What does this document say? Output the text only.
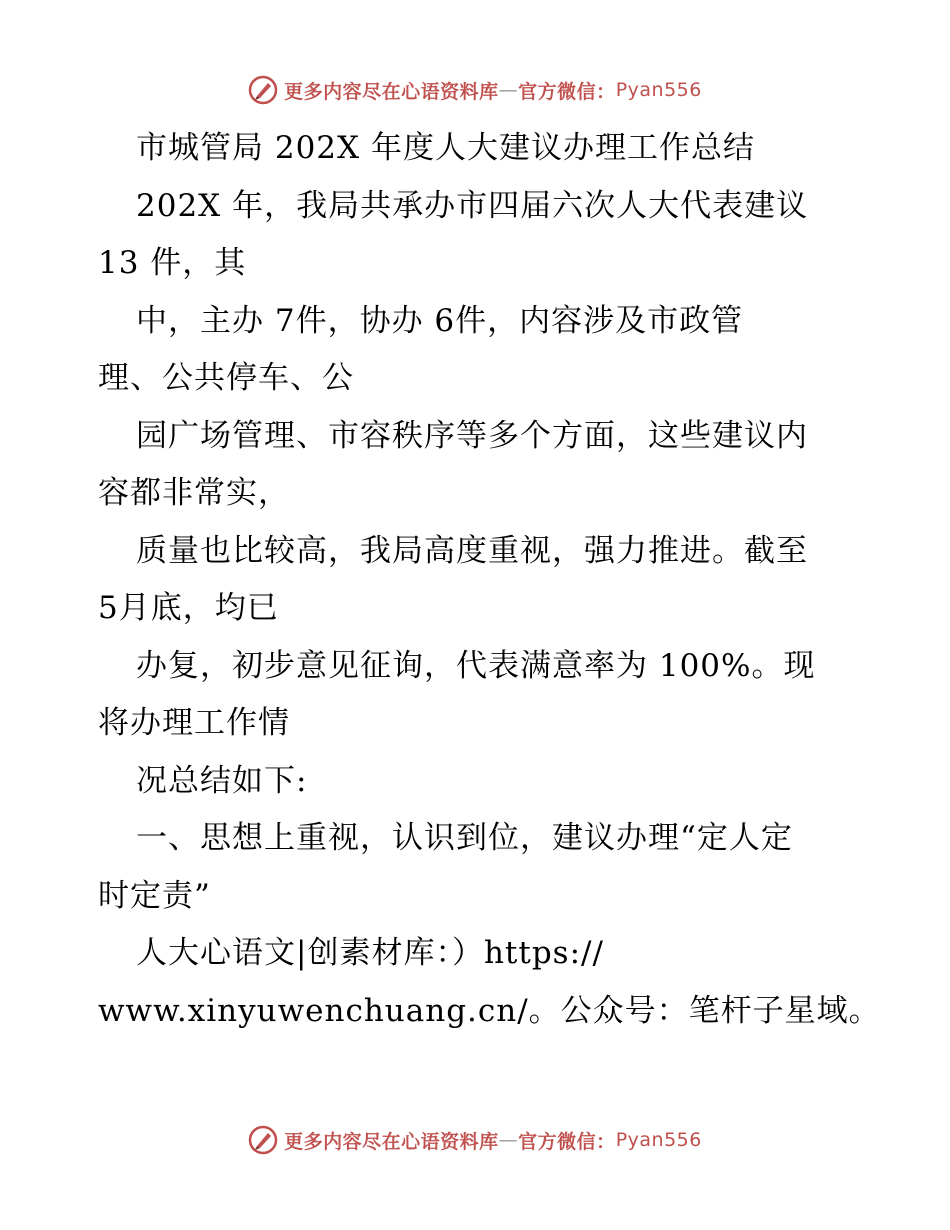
更多内容尽在心语资料库 — 官方微信： Pyan556
市城管局 202X 年度人大建议办理工作总结
202X 年，我局共承办市四届六次人大代表建议
13 件，其
中，主办 7件，协办 6件，内容涉及市政管
理、公共停车、公
园广场管理、市容秩序等多个方面，这些建议内
容都非常实，
质量也比较高，我局高度重视，强力推进。截至
5月底，均已
办复，初步意见征询，代表满意率为 100%。现
将办理工作情
况总结如下:
一、思想上重视，认识到位，建议办理“定人定
时定责”
人大心语文|创素材库：）https://
www.xinyuwenchuang.cn/。公众号：笔杆子星域。
更多内容尽在心语资料库 — 官方微信： Pyan556
